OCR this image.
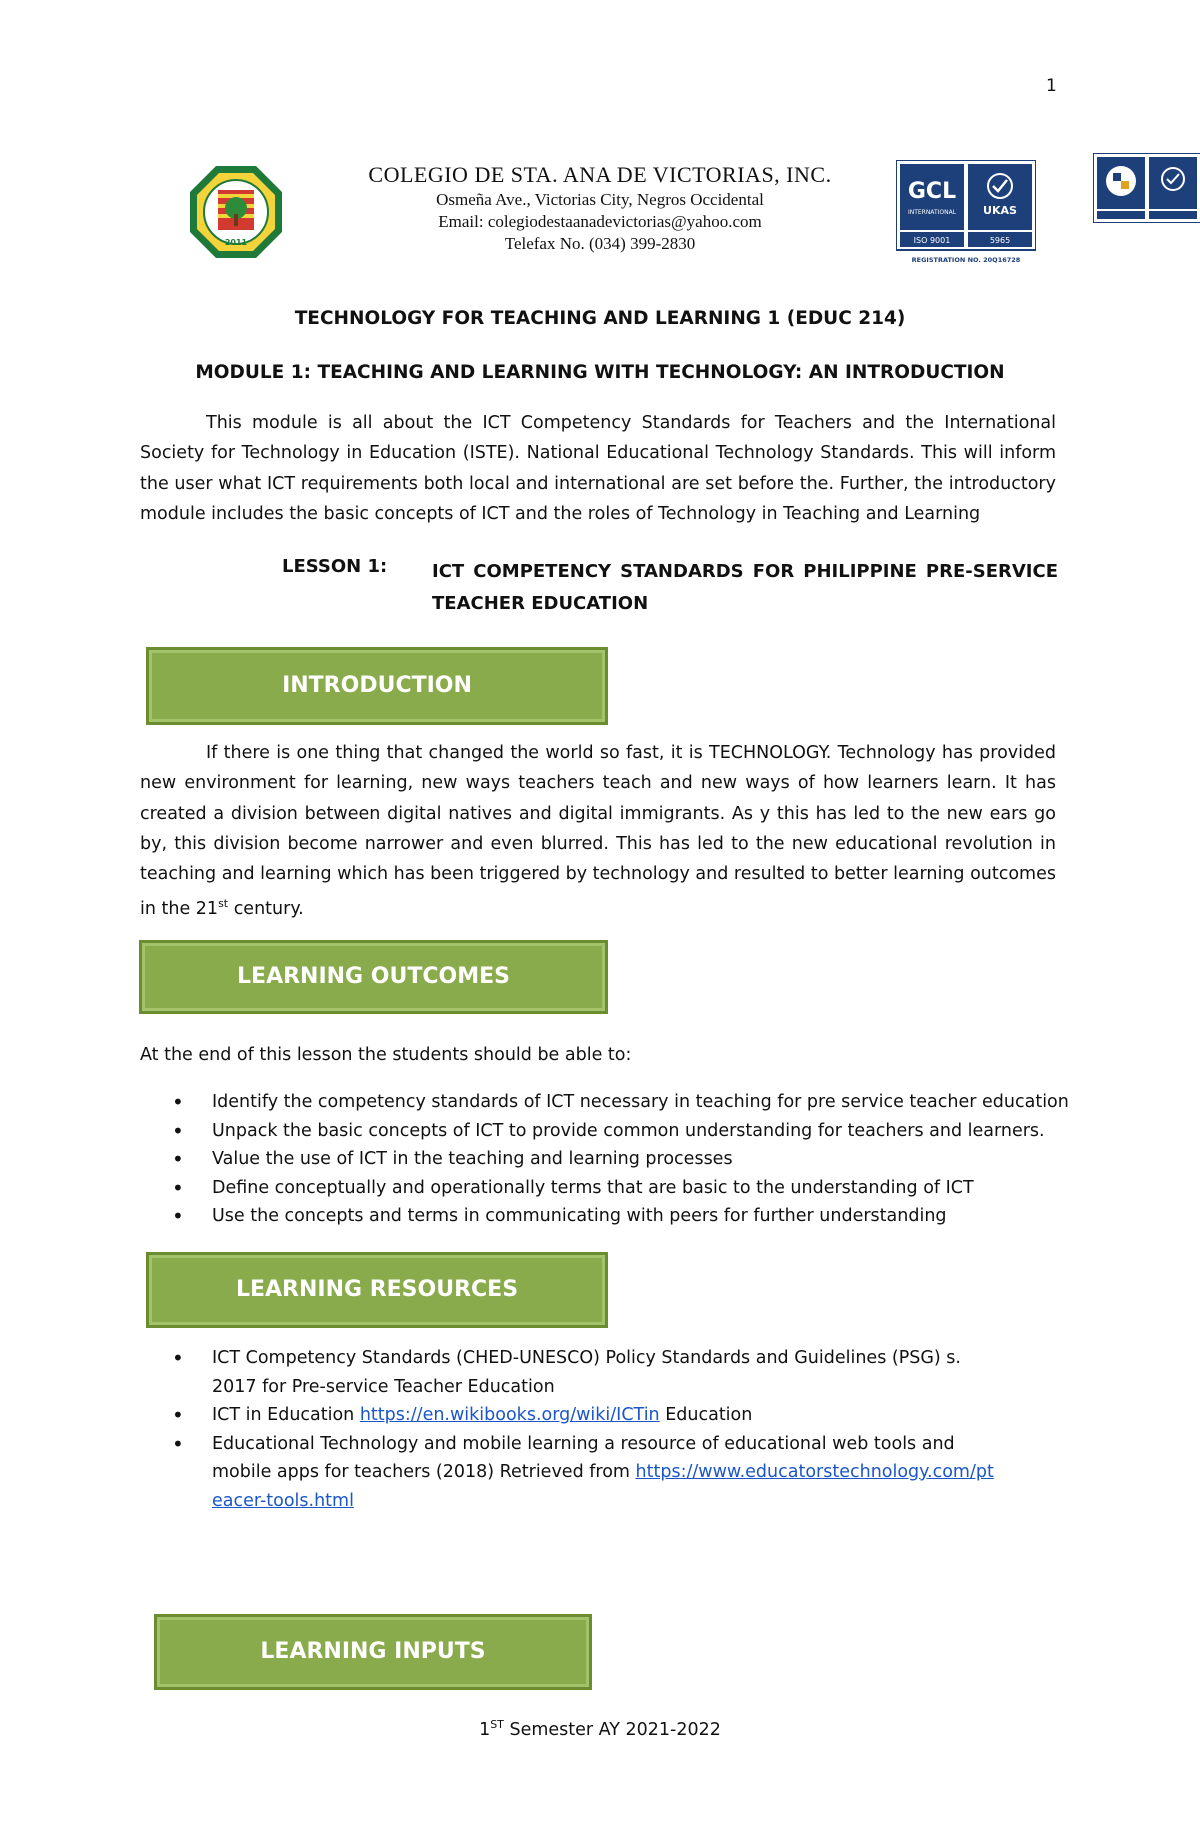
1
2011
COLEGIO DE STA. ANA DE VICTORIAS, INC.
Osmeña Ave., Victorias City, Negros Occidental
Email: colegiodestaanadevictorias@yahoo.com
Telefax No. (034) 399-2830
GCL
INTERNATIONAL UKAS
ISO 9001	5965
REGISTRATION NO. 20Q16728
TECHNOLOGY FOR TEACHING AND LEARNING 1 (EDUC 214)
MODULE 1: TEACHING AND LEARNING WITH TECHNOLOGY: AN INTRODUCTION
This module is all about the ICT Competency Standards for Teachers and the International Society for Technology in Education (ISTE). National Educational Technology Standards. This will inform the user what ICT requirements both local and international are set before the. Further, the introductory module includes the basic concepts of ICT and the roles of Technology in Teaching and Learning
LESSON 1: ICT COMPETENCY STANDARDS FOR PHILIPPINE PRE-SERVICE TEACHER EDUCATION
INTRODUCTION
If there is one thing that changed the world so fast, it is TECHNOLOGY. Technology has provided new environment for learning, new ways teachers teach and new ways of how learners learn. It has created a division between digital natives and digital immigrants. As y this has led to the new ears go by, this division become narrower and even blurred. This has led to the new educational revolution in teaching and learning which has been triggered by technology and resulted to better learning outcomes in the 21st century.
LEARNING OUTCOMES
At the end of this lesson the students should be able to:
• Identify the competency standards of ICT necessary in teaching for pre service teacher education
• Unpack the basic concepts of ICT to provide common understanding for teachers and learners.
• Value the use of ICT in the teaching and learning processes
• Define conceptually and operationally terms that are basic to the understanding of ICT
• Use the concepts and terms in communicating with peers for further understanding
LEARNING RESOURCES
• ICT Competency Standards (CHED-UNESCO) Policy Standards and Guidelines (PSG) s. 2017 for Pre-service Teacher Education
• ICT in Education https://en.wikibooks.org/wiki/ICTin Education
• Educational Technology and mobile learning a resource of educational web tools and mobile apps for teachers (2018) Retrieved from https://www.educatorstechnology.com/pteacer-tools.html
LEARNING INPUTS
1ST Semester AY 2021-2022
